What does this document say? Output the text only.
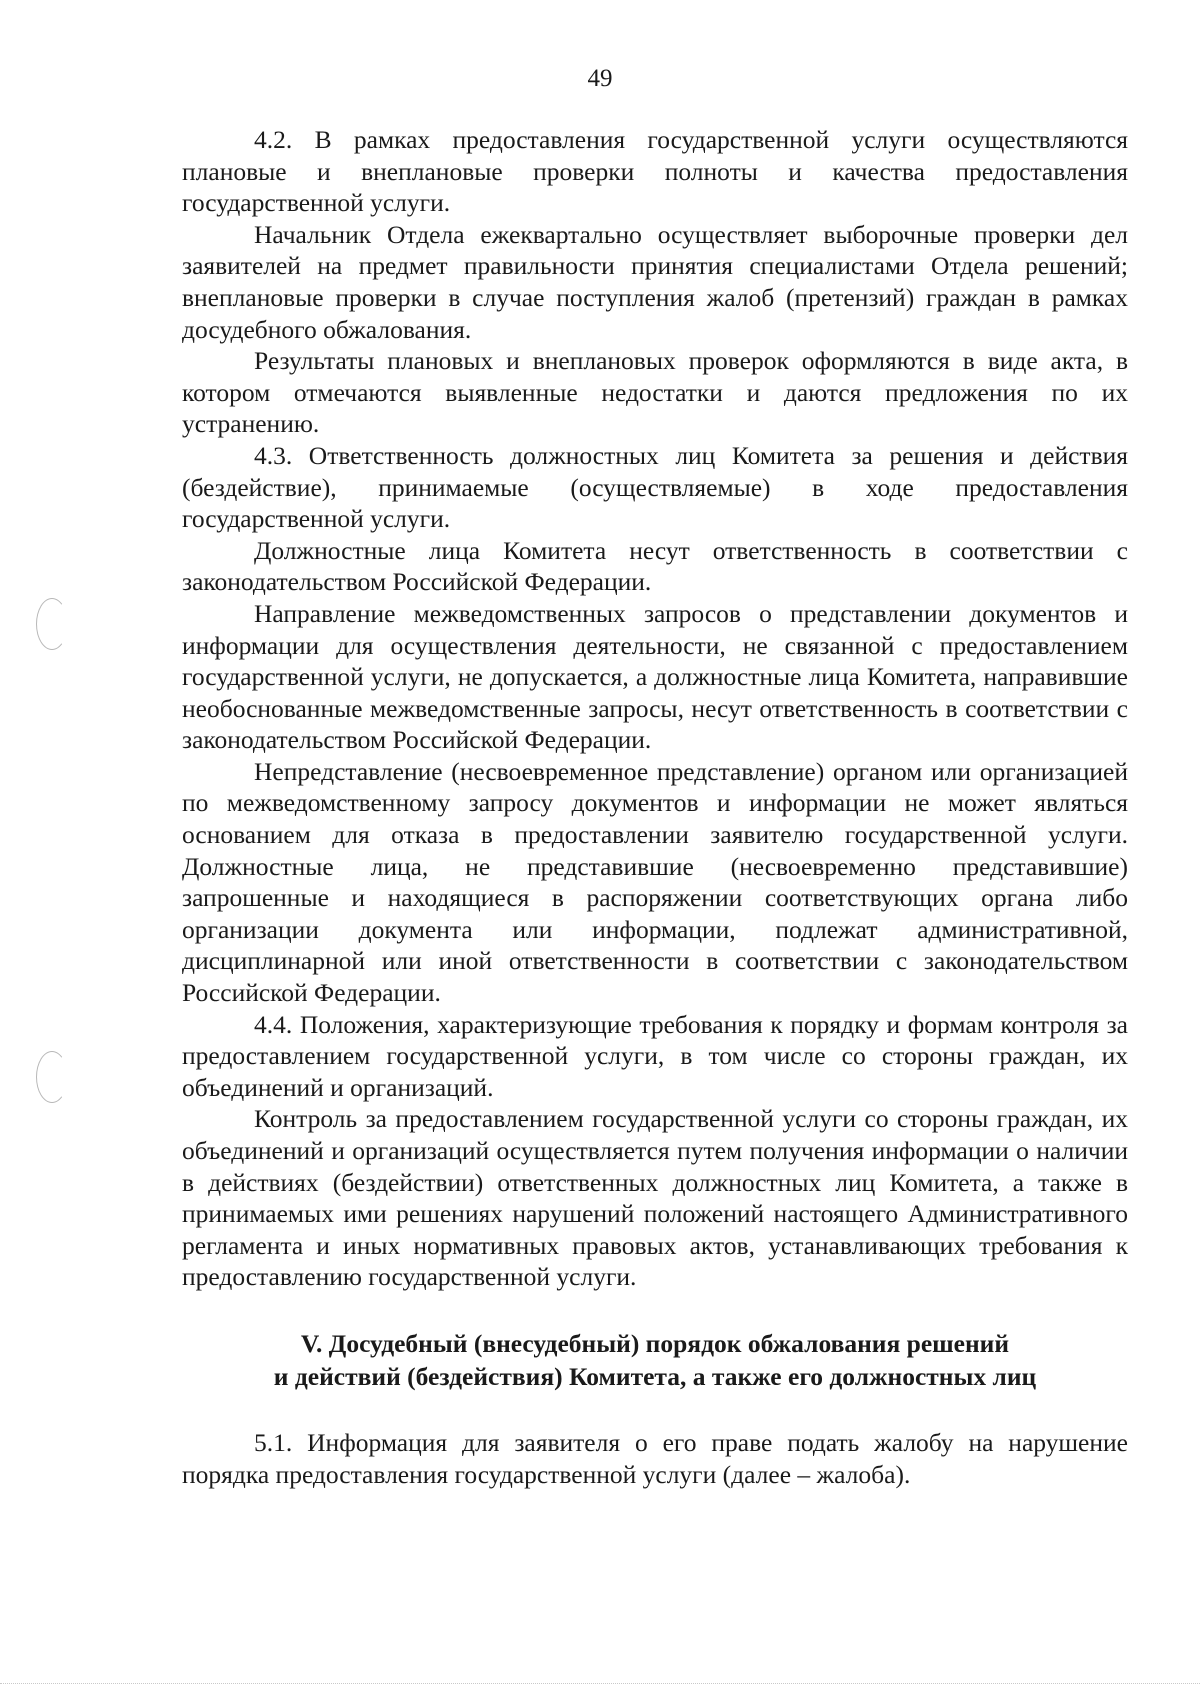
49

4.2. В рамках предоставления государственной услуги осуществляются плановые и внеплановые проверки полноты и качества предоставления государственной услуги.

Начальник Отдела ежеквартально осуществляет выборочные проверки дел заявителей на предмет правильности принятия специалистами Отдела решений; внеплановые проверки в случае поступления жалоб (претензий) граждан в рамках досудебного обжалования.

Результаты плановых и внеплановых проверок оформляются в виде акта, в котором отмечаются выявленные недостатки и даются предложения по их устранению.

4.3. Ответственность должностных лиц Комитета за решения и действия (бездействие), принимаемые (осуществляемые) в ходе предоставления государственной услуги.

Должностные лица Комитета несут ответственность в соответствии с законодательством Российской Федерации.

Направление межведомственных запросов о представлении документов и информации для осуществления деятельности, не связанной с предоставлением государственной услуги, не допускается, а должностные лица Комитета, направившие необоснованные межведомственные запросы, несут ответственность в соответствии с законодательством Российской Федерации.

Непредставление (несвоевременное представление) органом или организацией по межведомственному запросу документов и информации не может являться основанием для отказа в предоставлении заявителю государственной услуги. Должностные лица, не представившие (несвоевременно представившие) запрошенные и находящиеся в распоряжении соответствующих органа либо организации документа или информации, подлежат административной, дисциплинарной или иной ответственности в соответствии с законодательством Российской Федерации.

4.4. Положения, характеризующие требования к порядку и формам контроля за предоставлением государственной услуги, в том числе со стороны граждан, их объединений и организаций.

Контроль за предоставлением государственной услуги со стороны граждан, их объединений и организаций осуществляется путем получения информации о наличии в действиях (бездействии) ответственных должностных лиц Комитета, а также в принимаемых ими решениях нарушений положений настоящего Административного регламента и иных нормативных правовых актов, устанавливающих требования к предоставлению государственной услуги.

V. Досудебный (внесудебный) порядок обжалования решений
и действий (бездействия) Комитета, а также его должностных лиц

5.1. Информация для заявителя о его праве подать жалобу на нарушение порядка предоставления государственной услуги (далее – жалоба).
